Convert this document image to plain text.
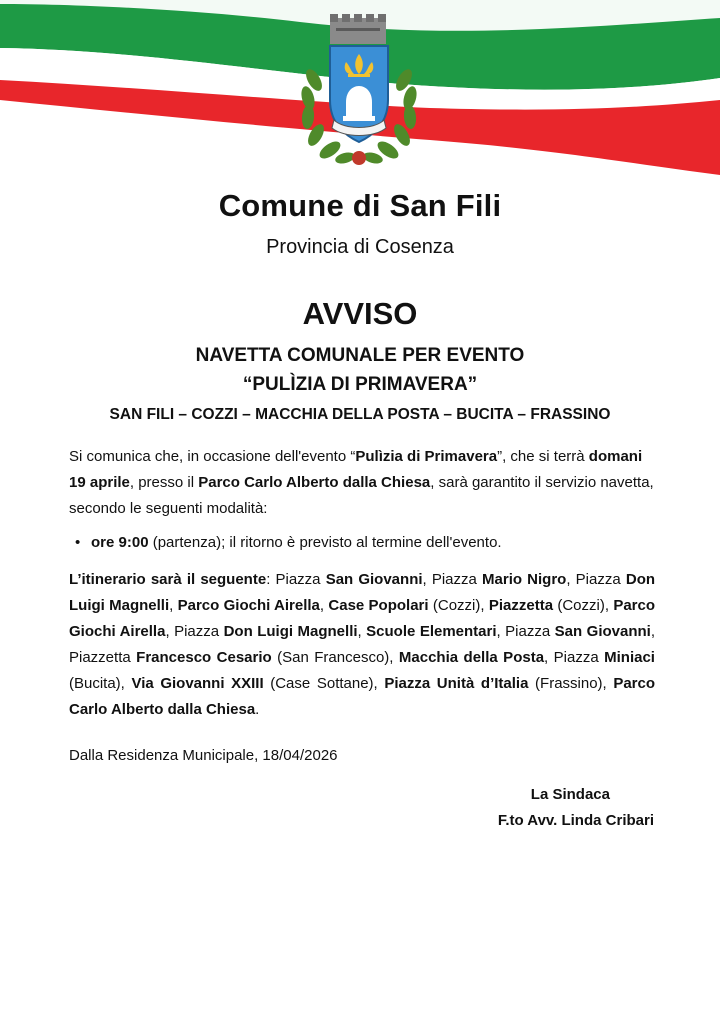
Comune di San Fili
Provincia di Cosenza
AVVISO
NAVETTA COMUNALE PER EVENTO
“PULÌZIA DI PRIMAVERA”
SAN FILI – COZZI – MACCHIA DELLA POSTA – BUCITA – FRASSINO
Si comunica che, in occasione dell'evento “Pulìzia di Primavera”, che si terrà domani 19 aprile, presso il Parco Carlo Alberto dalla Chiesa, sarà garantito il servizio navetta, secondo le seguenti modalità:
• ore 9:00 (partenza); il ritorno è previsto al termine dell'evento.
L’itinerario sarà il seguente: Piazza San Giovanni, Piazza Mario Nigro, Piazza Don Luigi Magnelli, Parco Giochi Airella, Case Popolari (Cozzi), Piazzetta (Cozzi), Parco Giochi Airella, Piazza Don Luigi Magnelli, Scuole Elementari, Piazza San Giovanni, Piazzetta Francesco Cesario (San Francesco), Macchia della Posta, Piazza Miniaci (Bucita), Via Giovanni XXIII (Case Sottane), Piazza Unità d’Italia (Frassino), Parco Carlo Alberto dalla Chiesa.
Dalla Residenza Municipale, 18/04/2026
La Sindaca
F.to Avv. Linda Cribari
